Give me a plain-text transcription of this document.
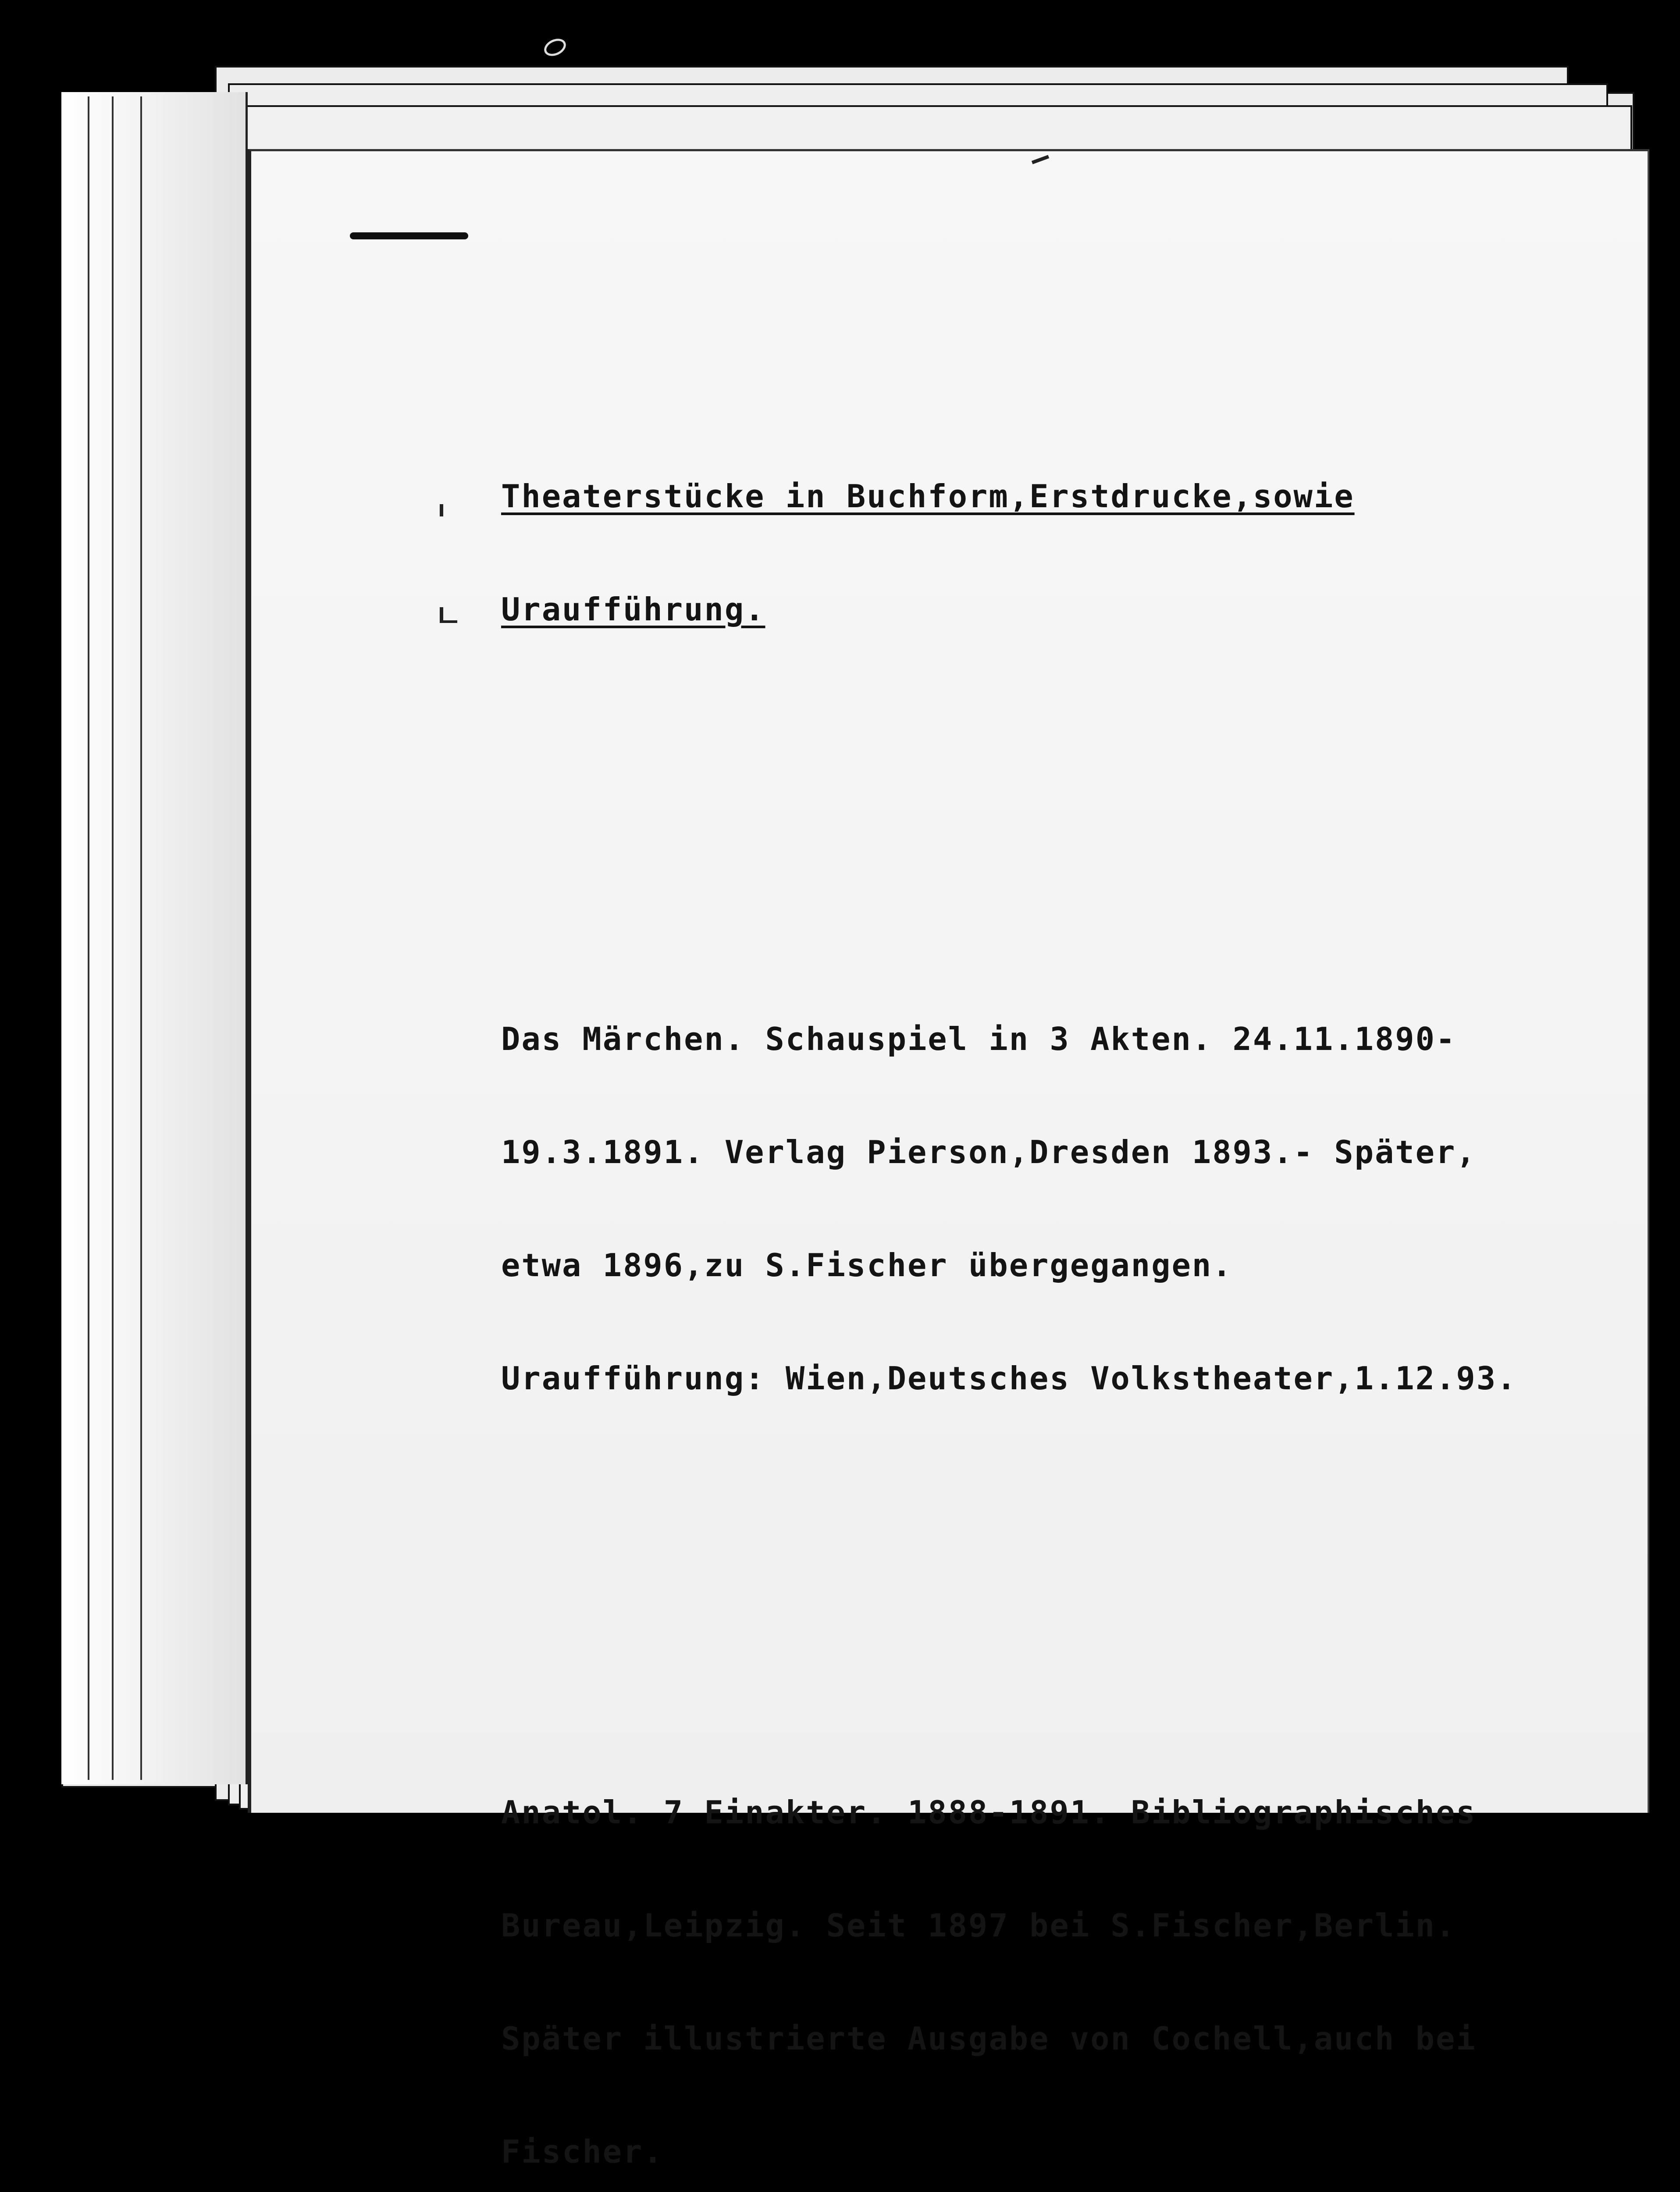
Theaterstücke in Buchform,Erstdrucke,sowie

Uraufführung.

Das Märchen. Schauspiel in 3 Akten. 24.11.1890-

19.3.1891. Verlag Pierson,Dresden 1893.- Später,

etwa 1896,zu S.Fischer übergegangen.

Uraufführung: Wien,Deutsches Volkstheater,1.12.93.

Anatol. 7 Einakter. 1888-1891. Bibliographisches

Bureau,Leipzig. Seit 1897 bei S.Fischer,Berlin.

Später illustrierte Ausgabe von Cochell,auch bei

Fischer.
